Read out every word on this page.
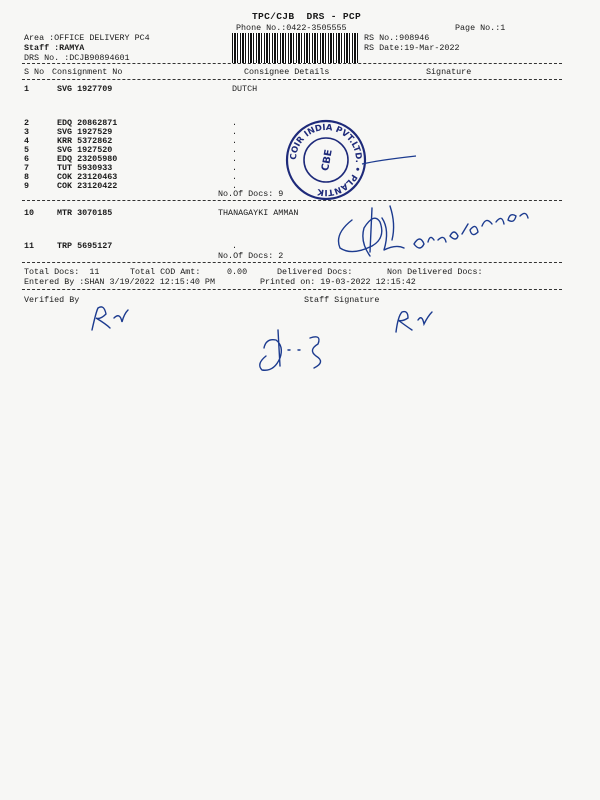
TPC/CJB  DRS - PCP
Phone No.:0422-3505555	Page No.:1
Area :OFFICE DELIVERY PC4
Staff :RAMYA
DRS No. :DCJB90894601
RS No.:908946
RS Date:19-Mar-2022
S No Consignment No	Consignee Details	Signature
1	SVG 1927709	DUTCH
2	EDQ 20862871	.
3	SVG 1927529	.
4	KRR 5372862	.
5	SVG 1927520	.
6	EDQ 23205980	.
7	TUT 5930933	.
8	COK 23120463	.
9	COK 23120422	.
No.Of Docs: 9
10	MTR 3070185	THANAGAYKI AMMAN
11	TRP 5695127	.
No.Of Docs: 2
Total Docs:  11	Total COD Amt:	0.00	Delivered Docs:	Non Delivered Docs:
Entered By :SHAN 3/19/2022 12:15:40 PM	Printed on: 19-03-2022 12:15:42
Verified By	Staff Signature
COIR INDIA PVT.LTD. • PLANTIK
CBE
